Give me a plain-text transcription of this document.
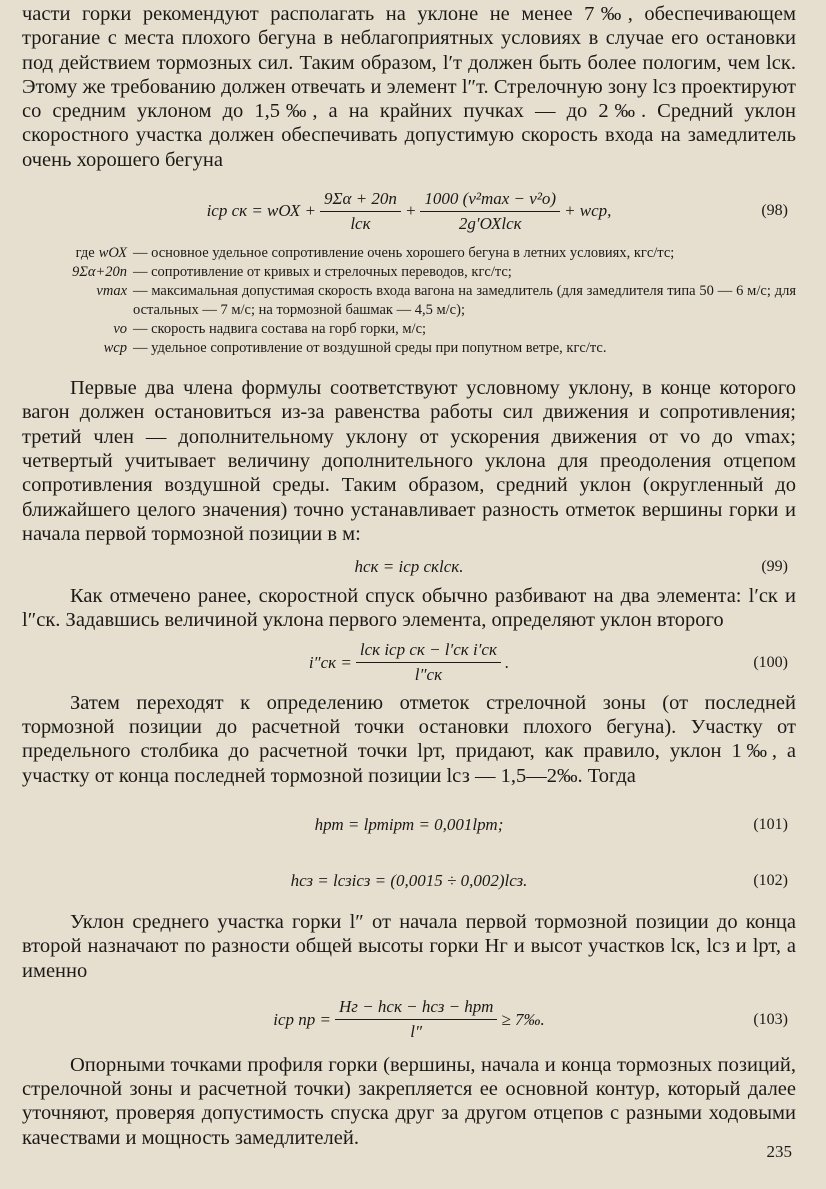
части горки рекомендуют располагать на уклоне не менее 7‰, обеспечивающем трогание с места плохого бегуна в неблагоприятных условиях в случае его остановки под действием тормозных сил. Таким образом, l′т должен быть более пологим, чем lск. Этому же требованию должен отвечать и элемент l″т. Стрелочную зону lсз проектируют со средним уклоном до 1,5‰, а на крайних пучках — до 2‰. Средний уклон скоростного участка должен обеспечивать допустимую скорость входа на замедлитель очень хорошего бегуна

iср ск = wОХ + $\frac{9\Sigma\alpha + 20n}{\text{lск}} + \frac{\text{1000 (v²max − v²о)}}{\text{2g′ОХlск}}$ + wср,	(98)
где wОХ — основное удельное сопротивление очень хорошего бегуна в летних условиях, кгс/тс;
9Σα+20n — сопротивление от кривых и стрелочных переводов, кгс/тс;
vmax — максимальная допустимая скорость входа вагона на замедлитель (для замедлителя типа 50 — 6 м/с; для остальных — 7 м/с; на тормозной башмак — 4,5 м/с);
vо — скорость надвига состава на горб горки, м/с;
wср — удельное сопротивление от воздушной среды при попутном ветре, кгс/тс.

Первые два члена формулы соответствуют условному уклону, в конце которого вагон должен остановиться из-за равенства работы сил движения и сопротивления; третий член — дополнительному уклону от ускорения движения от vо до vmax; четвертый учитывает величину дополнительного уклона для преодоления отцепом сопротивления воздушной среды. Таким образом, средний уклон (округленный до ближайшего целого значения) точно устанавливает разность отметок вершины горки и начала первой тормозной позиции в м:

hск = iср скlск.	(99)

Как отмечено ранее, скоростной спуск обычно разбивают на два элемента: l′ск и l″ск. Задавшись величиной уклона первого элемента, определяют уклон второго

$i''ск = \frac{\text{lск iср ск − l′ск i′ск}}{l''ск}$ .	(100)

Затем переходят к определению отметок стрелочной зоны (от последней тормозной позиции до расчетной точки остановки плохого бегуна). Участку от предельного столбика до расчетной точки lрт, придают, как правило, уклон 1‰, а участку от конца последней тормозной позиции lсз — 1,5—2‰. Тогда

hрт = lртiрт = 0,001lрт;	(101)
hсз = lсзiсз = (0,0015 ÷ 0,002)lсз.	(102)

Уклон среднего участка горки l″ от начала первой тормозной позиции до конца второй назначают по разности общей высоты горки Hг и высот участков lск, lсз и lрт, а именно

iср пр = $\frac{\text{Hг − hск − hсз − hрт}}{l''}$ ≥ 7‰.	(103)

Опорными точками профиля горки (вершины, начала и конца тормозных позиций, стрелочной зоны и расчетной точки) закрепляется ее основной контур, который далее уточняют, проверяя допустимость спуска друг за другом отцепов с разными ходовыми качествами и мощность замедлителей.

235
